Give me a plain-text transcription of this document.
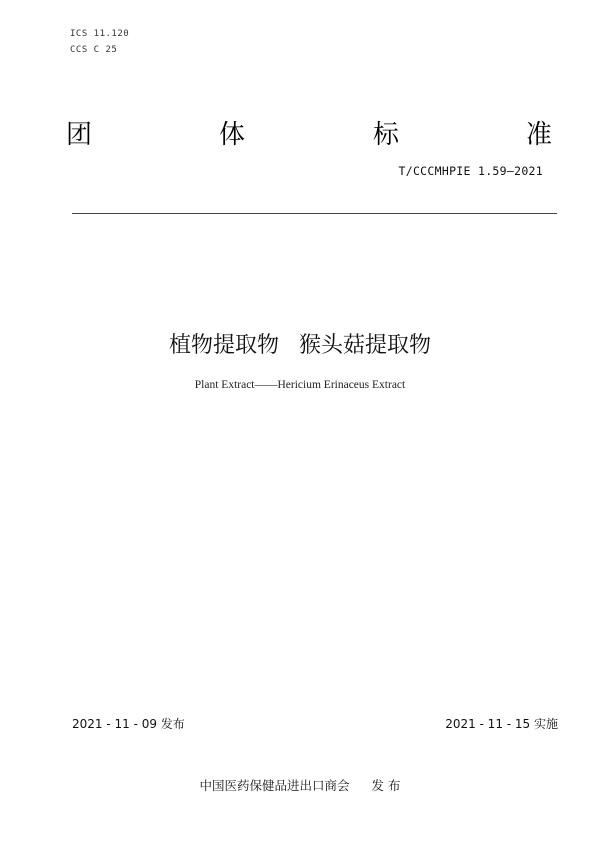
ICS 11.120
CCS C 25
团	体	标	准
T/CCCMHPIE 1.59—2021
植物提取物 猴头菇提取物
Plant Extract——Hericium Erinaceus Extract
2021 - 11 - 09 发布	2021 - 11 - 15 实施
中国医药保健品进出口商会 发 布
